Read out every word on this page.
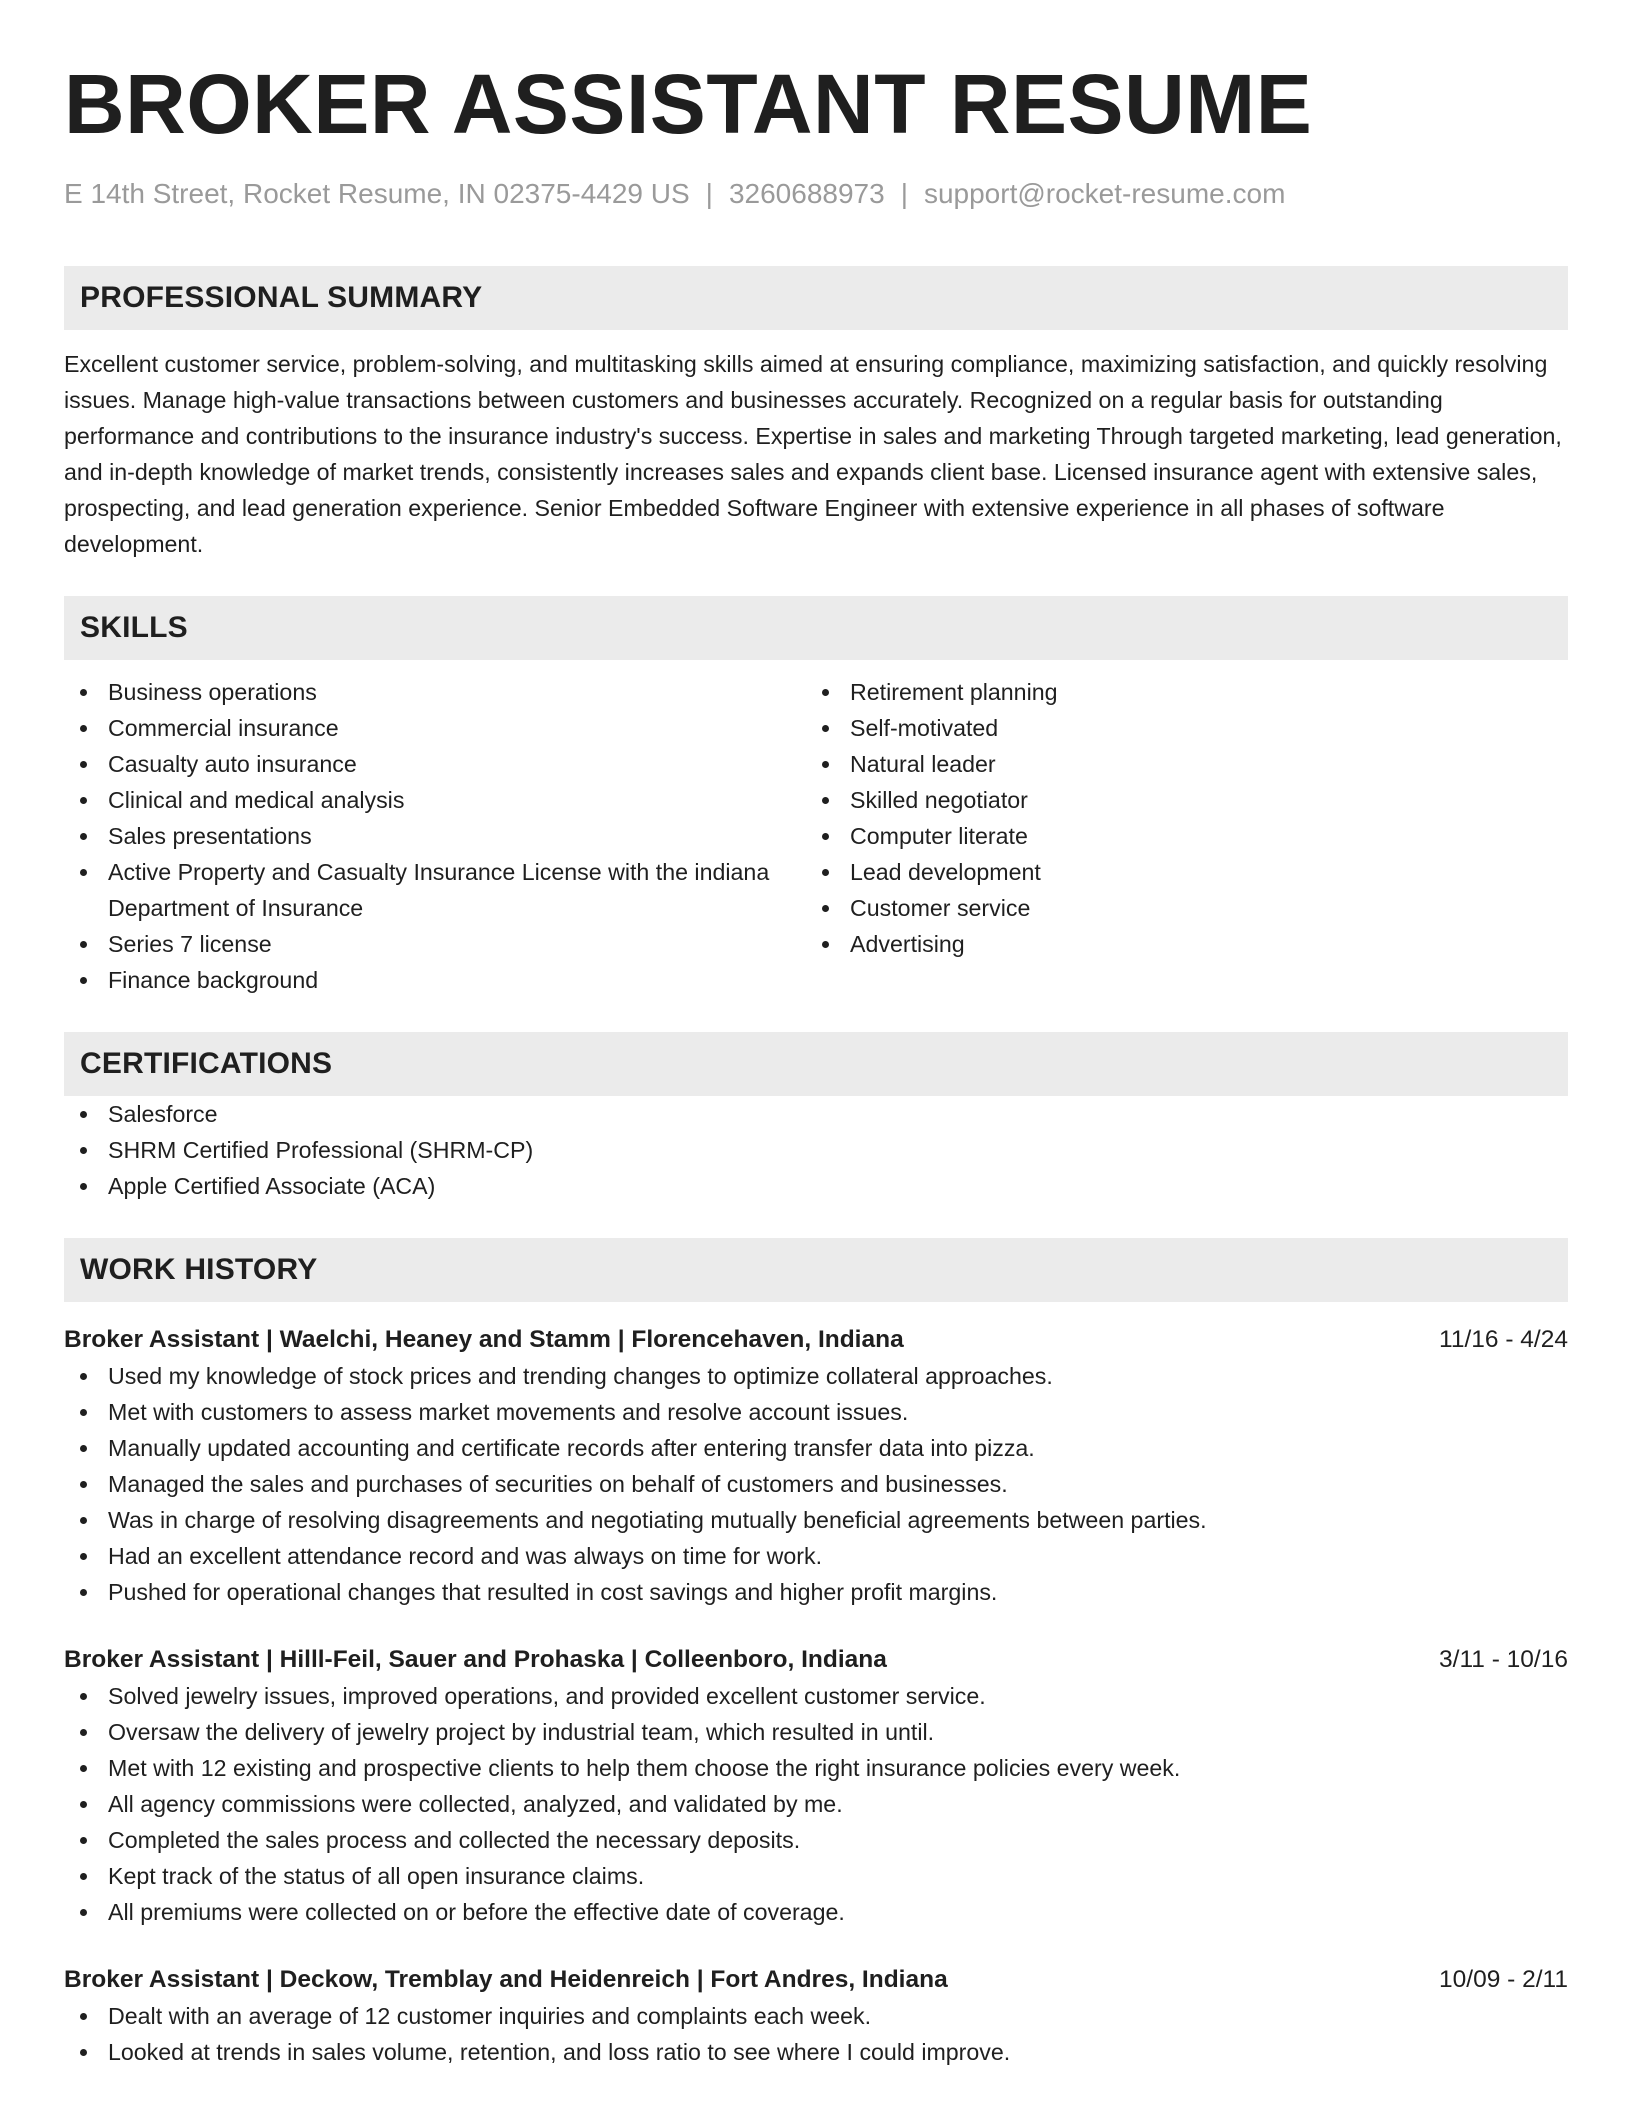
BROKER ASSISTANT RESUME
E 14th Street, Rocket Resume, IN 02375-4429 US | 3260688973 | support@rocket-resume.com
PROFESSIONAL SUMMARY

Excellent customer service, problem-solving, and multitasking skills aimed at ensuring compliance, maximizing satisfaction, and quickly resolving issues. Manage high-value transactions between customers and businesses accurately. Recognized on a regular basis for outstanding performance and contributions to the insurance industry's success. Expertise in sales and marketing Through targeted marketing, lead generation, and in-depth knowledge of market trends, consistently increases sales and expands client base. Licensed insurance agent with extensive sales, prospecting, and lead generation experience. Senior Embedded Software Engineer with extensive experience in all phases of software development.

SKILLS
Business operations
Commercial insurance
Casualty auto insurance
Clinical and medical analysis
Sales presentations
Active Property and Casualty Insurance License with the indiana Department of Insurance
Series 7 license
Finance background
Retirement planning
Self-motivated
Natural leader
Skilled negotiator
Computer literate
Lead development
Customer service
Advertising
CERTIFICATIONS
Salesforce
SHRM Certified Professional (SHRM-CP)
Apple Certified Associate (ACA)
WORK HISTORY
Broker Assistant | Waelchi, Heaney and Stamm | Florencehaven, Indiana	11/16 - 4/24
Used my knowledge of stock prices and trending changes to optimize collateral approaches.
Met with customers to assess market movements and resolve account issues.
Manually updated accounting and certificate records after entering transfer data into pizza.
Managed the sales and purchases of securities on behalf of customers and businesses.
Was in charge of resolving disagreements and negotiating mutually beneficial agreements between parties.
Had an excellent attendance record and was always on time for work.
Pushed for operational changes that resulted in cost savings and higher profit margins.
Broker Assistant | Hilll-Feil, Sauer and Prohaska | Colleenboro, Indiana	3/11 - 10/16
Solved jewelry issues, improved operations, and provided excellent customer service.
Oversaw the delivery of jewelry project by industrial team, which resulted in until.
Met with 12 existing and prospective clients to help them choose the right insurance policies every week.
All agency commissions were collected, analyzed, and validated by me.
Completed the sales process and collected the necessary deposits.
Kept track of the status of all open insurance claims.
All premiums were collected on or before the effective date of coverage.
Broker Assistant | Deckow, Tremblay and Heidenreich | Fort Andres, Indiana	10/09 - 2/11
Dealt with an average of 12 customer inquiries and complaints each week.
Looked at trends in sales volume, retention, and loss ratio to see where I could improve.
